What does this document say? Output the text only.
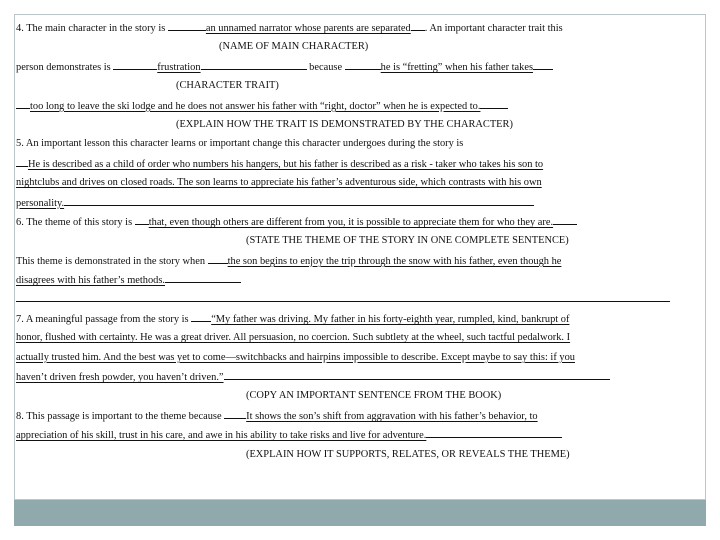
4. The main character in the story is	an unnamed narrator whose parents are separated . An important character trait this
(NAME OF MAIN CHARACTER)
person demonstrates is	frustration	because	he is “fretting” when his father takes
(CHARACTER TRAIT)
too long to leave the ski lodge and he does not answer his father with “right, doctor” when he is expected to.
(EXPLAIN HOW THE TRAIT IS DEMONSTRATED BY THE CHARACTER)
5. An important lesson this character learns or important change this character undergoes during the story is
He is described as a child of order who numbers his hangers, but his father is described as a risk - taker who takes his son to
nightclubs and drives on closed roads. The son learns to appreciate his father’s adventurous side, which contrasts with his own
personality.
6. The theme of this story is that, even though others are different from you, it is possible to appreciate them for who they are.
(STATE THE THEME OF THE STORY IN ONE COMPLETE SENTENCE)
This theme is demonstrated in the story when the son begins to enjoy the trip through the snow with his father, even though he
disagrees with his father’s methods.
7. A meaningful passage from the story is “My father was driving. My father in his forty-eighth year, rumpled, kind, bankrupt of
honor, flushed with certainty. He was a great driver. All persuasion, no coercion. Such subtlety at the wheel, such tactful pedalwork. I
actually trusted him. And the best was yet to come—switchbacks and hairpins impossible to describe. Except maybe to say this: if you
haven’t driven fresh powder, you haven’t driven.”
(COPY AN IMPORTANT SENTENCE FROM THE BOOK)
8. This passage is important to the theme because It shows the son’s shift from aggravation with his father’s behavior, to
appreciation of his skill, trust in his care, and awe in his ability to take risks and live for adventure.
(EXPLAIN HOW IT SUPPORTS, RELATES, OR REVEALS THE THEME)
